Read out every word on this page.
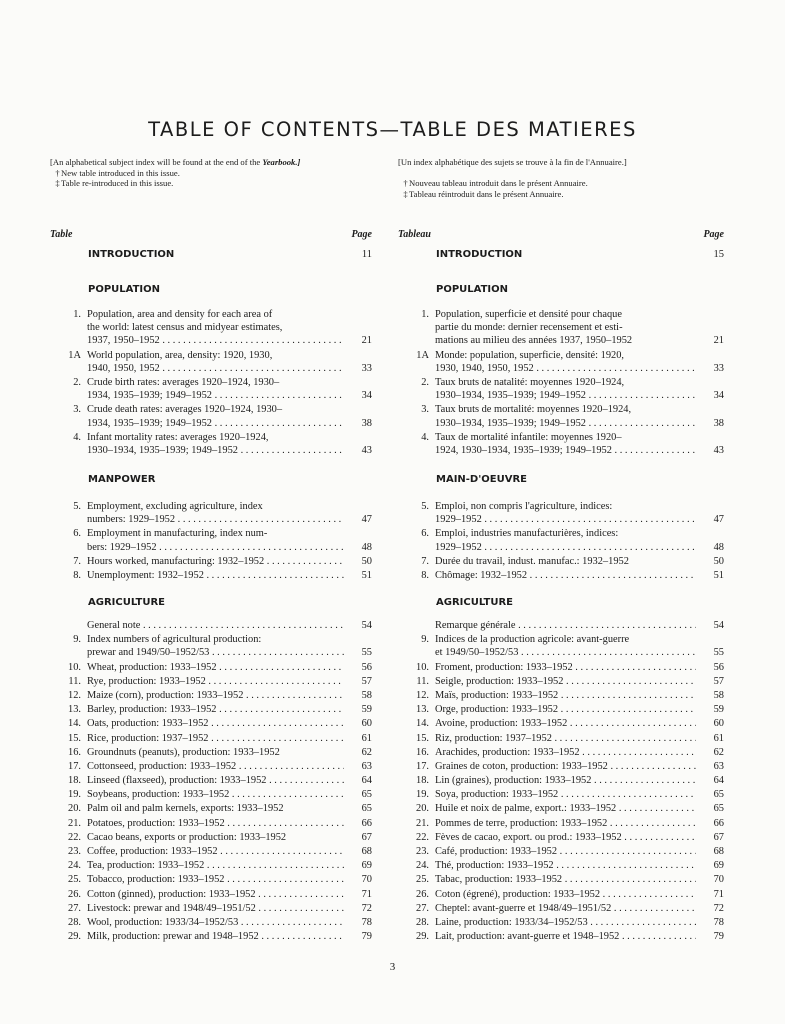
TABLE OF CONTENTS—TABLE DES MATIERES
[An alphabetical subject index will be found at the end of the Yearbook.]
†New table introduced in this issue.
‡Table re-introduced in this issue.
Table	Page
INTRODUCTION	11
POPULATION
1. Population, area and density for each area of
the world: latest census and midyear estimates,
1937, 1950–1952 . . .	21
1A World population, area, density: 1920, 1930,
1940, 1950, 1952 . . .	33
2. Crude birth rates: averages 1920–1924, 1930–
1934, 1935–1939; 1949–1952 . . .	34
3. Crude death rates: averages 1920–1924, 1930–
1934, 1935–1939; 1949–1952 . . .	38
4. Infant mortality rates: averages 1920–1924,
1930–1934, 1935–1939; 1949–1952 . . .	43
MANPOWER
5. Employment, excluding agriculture, index
numbers: 1929–1952 . . .	47
6. Employment in manufacturing, index num-
bers: 1929–1952 . . .	48
7. Hours worked, manufacturing: 1932–1952 . . .	50
8. Unemployment: 1932–1952 . . .	51
AGRICULTURE
General note . . .	54
9. Index numbers of agricultural production:
prewar and 1949/50–1952/53 . . .	55
10. Wheat, production: 1933–1952 . . .	56
11. Rye, production: 1933–1952 . . .	57
12. Maize (corn), production: 1933–1952 . . .	58
13. Barley, production: 1933–1952 . . .	59
14. Oats, production: 1933–1952 . . .	60
15. Rice, production: 1937–1952 . . .	61
16. Groundnuts (peanuts), production: 1933–1952	62
17. Cottonseed, production: 1933–1952 . . .	63
18. Linseed (flaxseed), production: 1933–1952 . . .	64
19. Soybeans, production: 1933–1952 . . .	65
20. Palm oil and palm kernels, exports: 1933–1952	65
21. Potatoes, production: 1933–1952 . . .	66
22. Cacao beans, exports or production: 1933–1952	67
23. Coffee, production: 1933–1952 . . .	68
24. Tea, production: 1933–1952 . . .	69
25. Tobacco, production: 1933–1952 . . .	70
26. Cotton (ginned), production: 1933–1952 . . .	71
27. Livestock: prewar and 1948/49–1951/52 . . .	72
28. Wool, production: 1933/34–1952/53 . . .	78
29. Milk, production: prewar and 1948–1952 . . .	79
[Un index alphabétique des sujets se trouve à la fin de l'Annuaire.]

†Nouveau tableau introduit dans le présent Annuaire.
‡Tableau réintroduit dans le présent Annuaire.
Tableau	Page
INTRODUCTION	15
POPULATION
1. Population, superficie et densité pour chaque
partie du monde: dernier recensement et esti-
mations au milieu des années 1937, 1950–1952	21
1A Monde: population, superficie, densité: 1920,
1930, 1940, 1950, 1952 . . .	33
2. Taux bruts de natalité: moyennes 1920–1924,
1930–1934, 1935–1939; 1949–1952 . . .	34
3. Taux bruts de mortalité: moyennes 1920–1924,
1930–1934, 1935–1939; 1949–1952 . . .	38
4. Taux de mortalité infantile: moyennes 1920–
1924, 1930–1934, 1935–1939; 1949–1952 . . .	43
MAIN-D'OEUVRE
5. Emploi, non compris l'agriculture, indices:
1929–1952 . . .	47
6. Emploi, industries manufacturières, indices:
1929–1952 . . .	48
7. Durée du travail, indust. manufac.: 1932–1952	50
8. Chômage: 1932–1952 . . .	51
AGRICULTURE
Remarque générale . . .	54
9. Indices de la production agricole: avant-guerre
et 1949/50–1952/53 . . .	55
10. Froment, production: 1933–1952 . . .	56
11. Seigle, production: 1933–1952 . . .	57
12. Maïs, production: 1933–1952 . . .	58
13. Orge, production: 1933–1952 . . .	59
14. Avoine, production: 1933–1952 . . .	60
15. Riz, production: 1937–1952 . . .	61
16. Arachides, production: 1933–1952 . . .	62
17. Graines de coton, production: 1933–1952 . . .	63
18. Lin (graines), production: 1933–1952 . . .	64
19. Soya, production: 1933–1952 . . .	65
20. Huile et noix de palme, export.: 1933–1952 . . .	65
21. Pommes de terre, production: 1933–1952 . . .	66
22. Fèves de cacao, export. ou prod.: 1933–1952 . . .	67
23. Café, production: 1933–1952 . . .	68
24. Thé, production: 1933–1952 . . .	69
25. Tabac, production: 1933–1952 . . .	70
26. Coton (égrené), production: 1933–1952 . . .	71
27. Cheptel: avant-guerre et 1948/49–1951/52 . . .	72
28. Laine, production: 1933/34–1952/53 . . .	78
29. Lait, production: avant-guerre et 1948–1952 . . .	79
3
